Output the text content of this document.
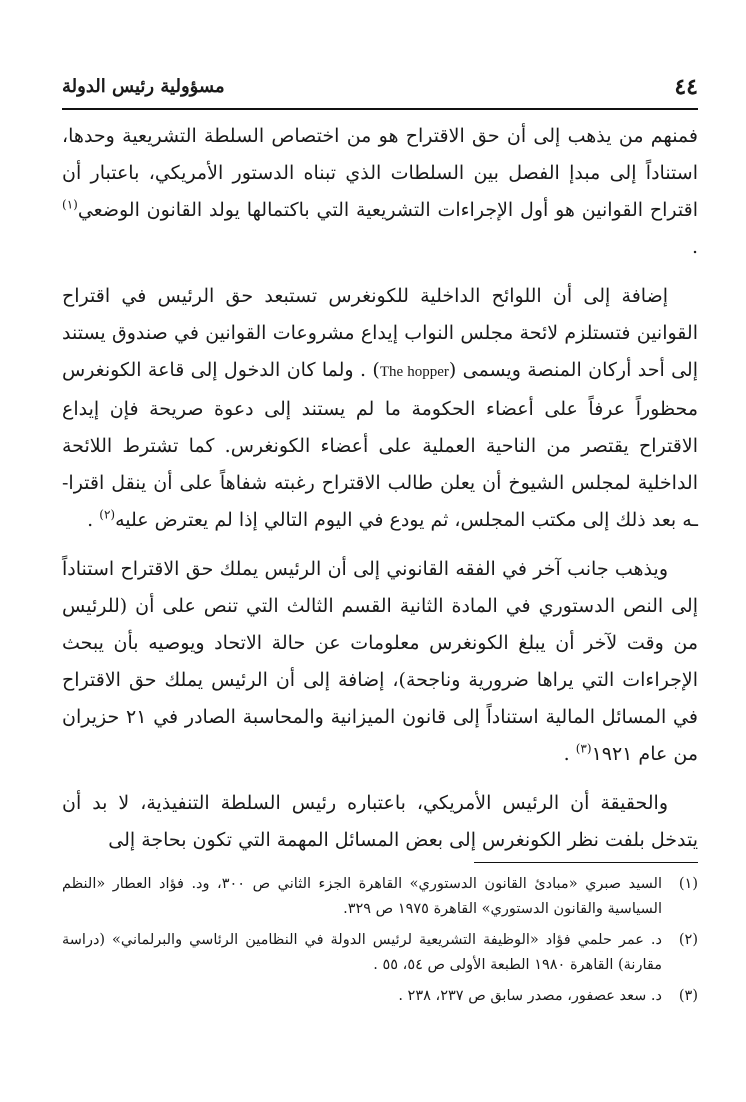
٤٤
مسؤولية رئيس الدولة

فمنهم من يذهب إلى أن حق الاقتراح هو من اختصاص السلطة التشريعية وحدها، استناداً إلى مبدإ الفصل بين السلطات الذي تبناه الدستور الأمريكي، باعتبار أن اقتراح القوانين هو أول الإجراءات التشريعية التي باكتمالها يولد القانون الوضعي$^{(١)}$ .

إضافة إلى أن اللوائح الداخلية للكونغرس تستبعد حق الرئيس في اقتراح القوانين فتستلزم لائحة مجلس النواب إيداع مشروعات القوانين في صندوق يستند إلى أحد أركان المنصة ويسمى (The hopper) . ولما كان الدخول إلى قاعة الكونغرس محظوراً عرفاً على أعضاء الحكومة ما لم يستند إلى دعوة صريحة فإن إيداع الاقتراح يقتصر من الناحية العملية على أعضاء الكونغرس. كما تشترط اللائحة الداخلية لمجلس الشيوخ أن يعلن طالب الاقتراح رغبته شفاهاً على أن ينقل اقترا-ـه بعد ذلك إلى مكتب المجلس، ثم يودع في اليوم التالي إذا لم يعترض عليه$^{(٢)}$ .

ويذهب جانب آخر في الفقه القانوني إلى أن الرئيس يملك حق الاقتراح استناداً إلى النص الدستوري في المادة الثانية القسم الثالث التي تنص على أن (للرئيس من وقت لآخر أن يبلغ الكونغرس معلومات عن حالة الاتحاد ويوصيه بأن يبحث الإجراءات التي يراها ضرورية وناجحة)، إضافة إلى أن الرئيس يملك حق الاقتراح في المسائل المالية استناداً إلى قانون الميزانية والمحاسبة الصادر في ٢١ حزيران من عام ١٩٢١$^{(٣)}$ .

والحقيقة أن الرئيس الأمريكي، باعتباره رئيس السلطة التنفيذية، لا بد أن يتدخل بلفت نظر الكونغرس إلى بعض المسائل المهمة التي تكون بحاجة إلى

(١)
السيد صبري «مبادئ القانون الدستوري» القاهرة الجزء الثاني ص ٣٠٠، ود. فؤاد العطار «النظم السياسية والقانون الدستوري» القاهرة ١٩٧٥ ص ٣٢٩.
(٢)
د. عمر حلمي فؤاد «الوظيفة التشريعية لرئيس الدولة في النظامين الرئاسي والبرلماني» (دراسة مقارنة) القاهرة ١٩٨٠ الطبعة الأولى ص ٥٤، ٥٥ .
(٣)
د. سعد عصفور، مصدر سابق ص ٢٣٧، ٢٣٨ .
